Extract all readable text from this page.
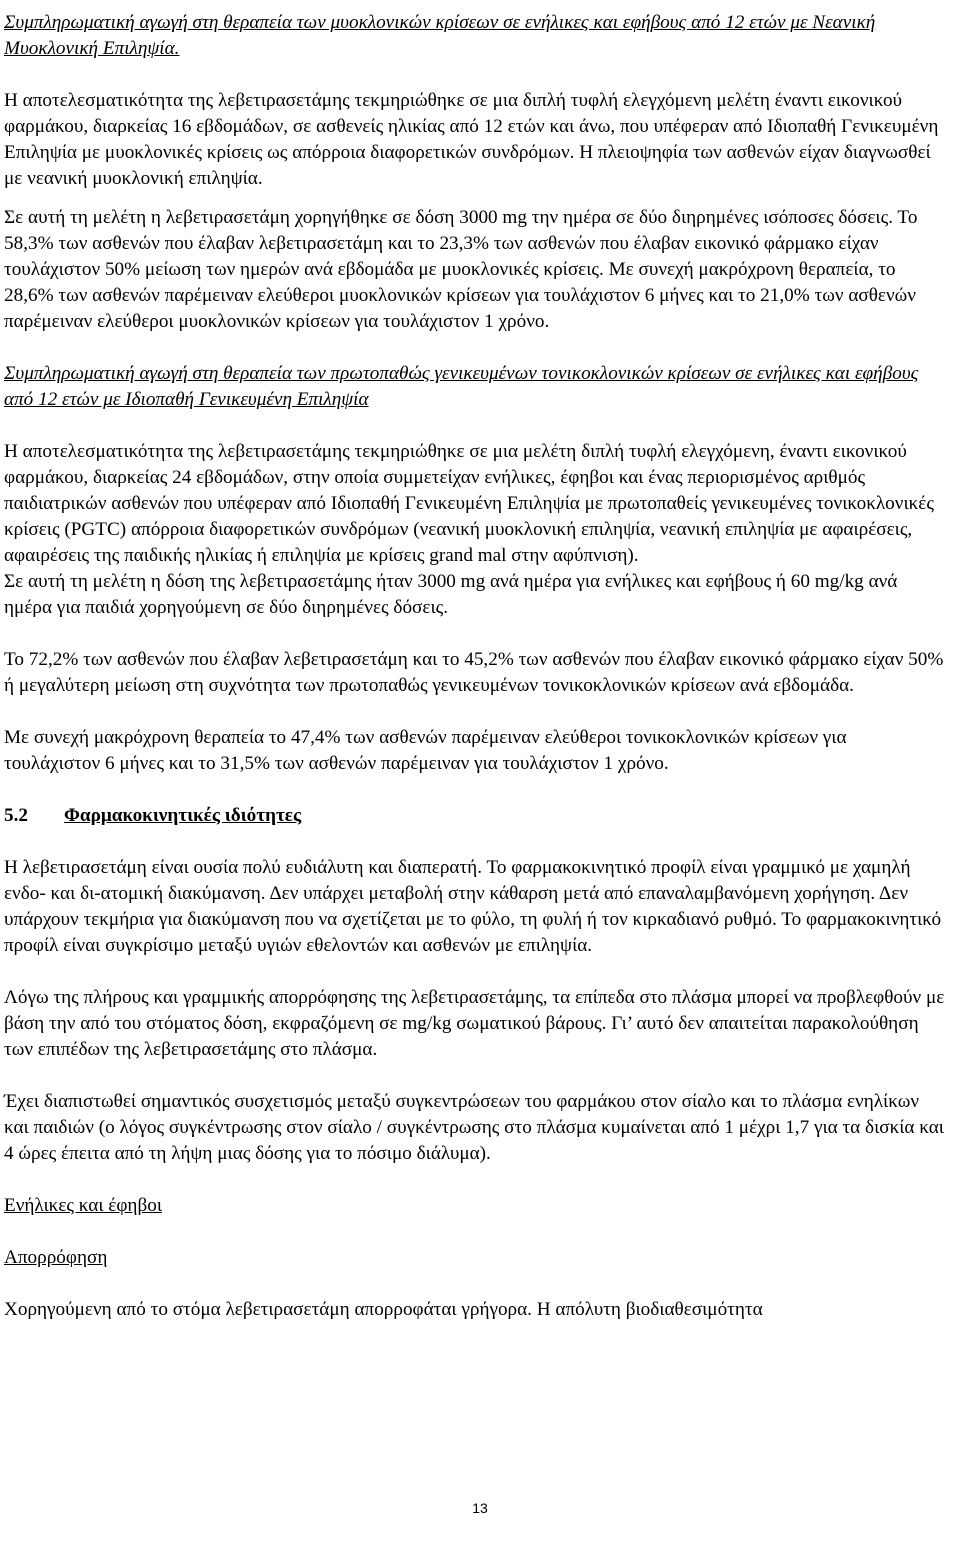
Συμπληρωματική αγωγή στη θεραπεία των μυοκλονικών κρίσεων σε ενήλικες και εφήβους από 12 ετών με Νεανική Μυοκλονική Επιληψία.

Η αποτελεσματικότητα της λεβετιρασετάμης τεκμηριώθηκε σε μια διπλή τυφλή ελεγχόμενη μελέτη έναντι εικονικού φαρμάκου, διαρκείας 16 εβδομάδων, σε ασθενείς ηλικίας από 12 ετών και άνω, που υπέφεραν από Ιδιοπαθή Γενικευμένη Επιληψία με μυοκλονικές κρίσεις ως απόρροια διαφορετικών συνδρόμων. Η πλειοψηφία των ασθενών είχαν διαγνωσθεί με νεανική μυοκλονική επιληψία.

Σε αυτή τη μελέτη η λεβετιρασετάμη χορηγήθηκε σε δόση 3000 mg την ημέρα σε δύο διηρημένες ισόποσες δόσεις. Το 58,3% των ασθενών που έλαβαν λεβετιρασετάμη και το 23,3% των ασθενών που έλαβαν εικονικό φάρμακο είχαν τουλάχιστον 50% μείωση των ημερών ανά εβδομάδα με μυοκλονικές κρίσεις. Με συνεχή μακρόχρονη θεραπεία, το 28,6% των ασθενών παρέμειναν ελεύθεροι μυοκλονικών κρίσεων για τουλάχιστον 6 μήνες και το 21,0% των ασθενών παρέμειναν ελεύθεροι μυοκλονικών κρίσεων για τουλάχιστον 1 χρόνο.

Συμπληρωματική αγωγή στη θεραπεία των πρωτοπαθώς γενικευμένων τονικοκλονικών κρίσεων σε ενήλικες και εφήβους από 12 ετών με Ιδιοπαθή Γενικευμένη Επιληψία

Η αποτελεσματικότητα της λεβετιρασετάμης τεκμηριώθηκε σε μια μελέτη διπλή τυφλή ελεγχόμενη, έναντι εικονικού φαρμάκου, διαρκείας 24 εβδομάδων, στην οποία συμμετείχαν ενήλικες, έφηβοι και ένας περιορισμένος αριθμός παιδιατρικών ασθενών που υπέφεραν από Ιδιοπαθή Γενικευμένη Επιληψία με πρωτοπαθείς γενικευμένες τονικοκλονικές κρίσεις (PGTC) απόρροια διαφορετικών συνδρόμων (νεανική μυοκλονική επιληψία, νεανική επιληψία με αφαιρέσεις, αφαιρέσεις της παιδικής ηλικίας ή επιληψία με κρίσεις grand mal στην αφύπνιση).

Σε αυτή τη μελέτη η δόση της λεβετιρασετάμης ήταν 3000 mg ανά ημέρα για ενήλικες και εφήβους ή 60 mg/kg ανά ημέρα για παιδιά χορηγούμενη σε δύο διηρημένες δόσεις.

Το 72,2% των ασθενών που έλαβαν λεβετιρασετάμη και το 45,2% των ασθενών που έλαβαν εικονικό φάρμακο είχαν 50% ή μεγαλύτερη μείωση στη συχνότητα των πρωτοπαθώς γενικευμένων τονικοκλονικών κρίσεων ανά εβδομάδα.

Με συνεχή μακρόχρονη θεραπεία το 47,4% των ασθενών παρέμειναν ελεύθεροι τονικοκλονικών κρίσεων για τουλάχιστον 6 μήνες και το 31,5% των ασθενών παρέμειναν για τουλάχιστον 1 χρόνο.

5.2	Φαρμακοκινητικές ιδιότητες

Η λεβετιρασετάμη είναι ουσία πολύ ευδιάλυτη και διαπερατή. Το φαρμακοκινητικό προφίλ είναι γραμμικό με χαμηλή ενδο- και δι-ατομική διακύμανση. Δεν υπάρχει μεταβολή στην κάθαρση μετά από επαναλαμβανόμενη χορήγηση. Δεν υπάρχουν τεκμήρια για διακύμανση που να σχετίζεται με το φύλο, τη φυλή ή τον κιρκαδιανό ρυθμό. Το φαρμακοκινητικό προφίλ είναι συγκρίσιμο μεταξύ υγιών εθελοντών και ασθενών με επιληψία.

Λόγω της πλήρους και γραμμικής απορρόφησης της λεβετιρασετάμης, τα επίπεδα στο πλάσμα μπορεί να προβλεφθούν με βάση την από του στόματος δόση, εκφραζόμενη σε mg/kg σωματικού βάρους. Γι’ αυτό δεν απαιτείται παρακολούθηση των επιπέδων της λεβετιρασετάμης στο πλάσμα.

Έχει διαπιστωθεί σημαντικός συσχετισμός μεταξύ συγκεντρώσεων του φαρμάκου στον σίαλο και το πλάσμα ενηλίκων και παιδιών (ο λόγος συγκέντρωσης στον σίαλο / συγκέντρωσης στο πλάσμα κυμαίνεται από 1 μέχρι 1,7 για τα δισκία και 4 ώρες έπειτα από τη λήψη μιας δόσης για το πόσιμο διάλυμα).

Ενήλικες και έφηβοι

Απορρόφηση

Χορηγούμενη από το στόμα λεβετιρασετάμη απορροφάται γρήγορα. Η απόλυτη βιοδιαθεσιμότητα

13
